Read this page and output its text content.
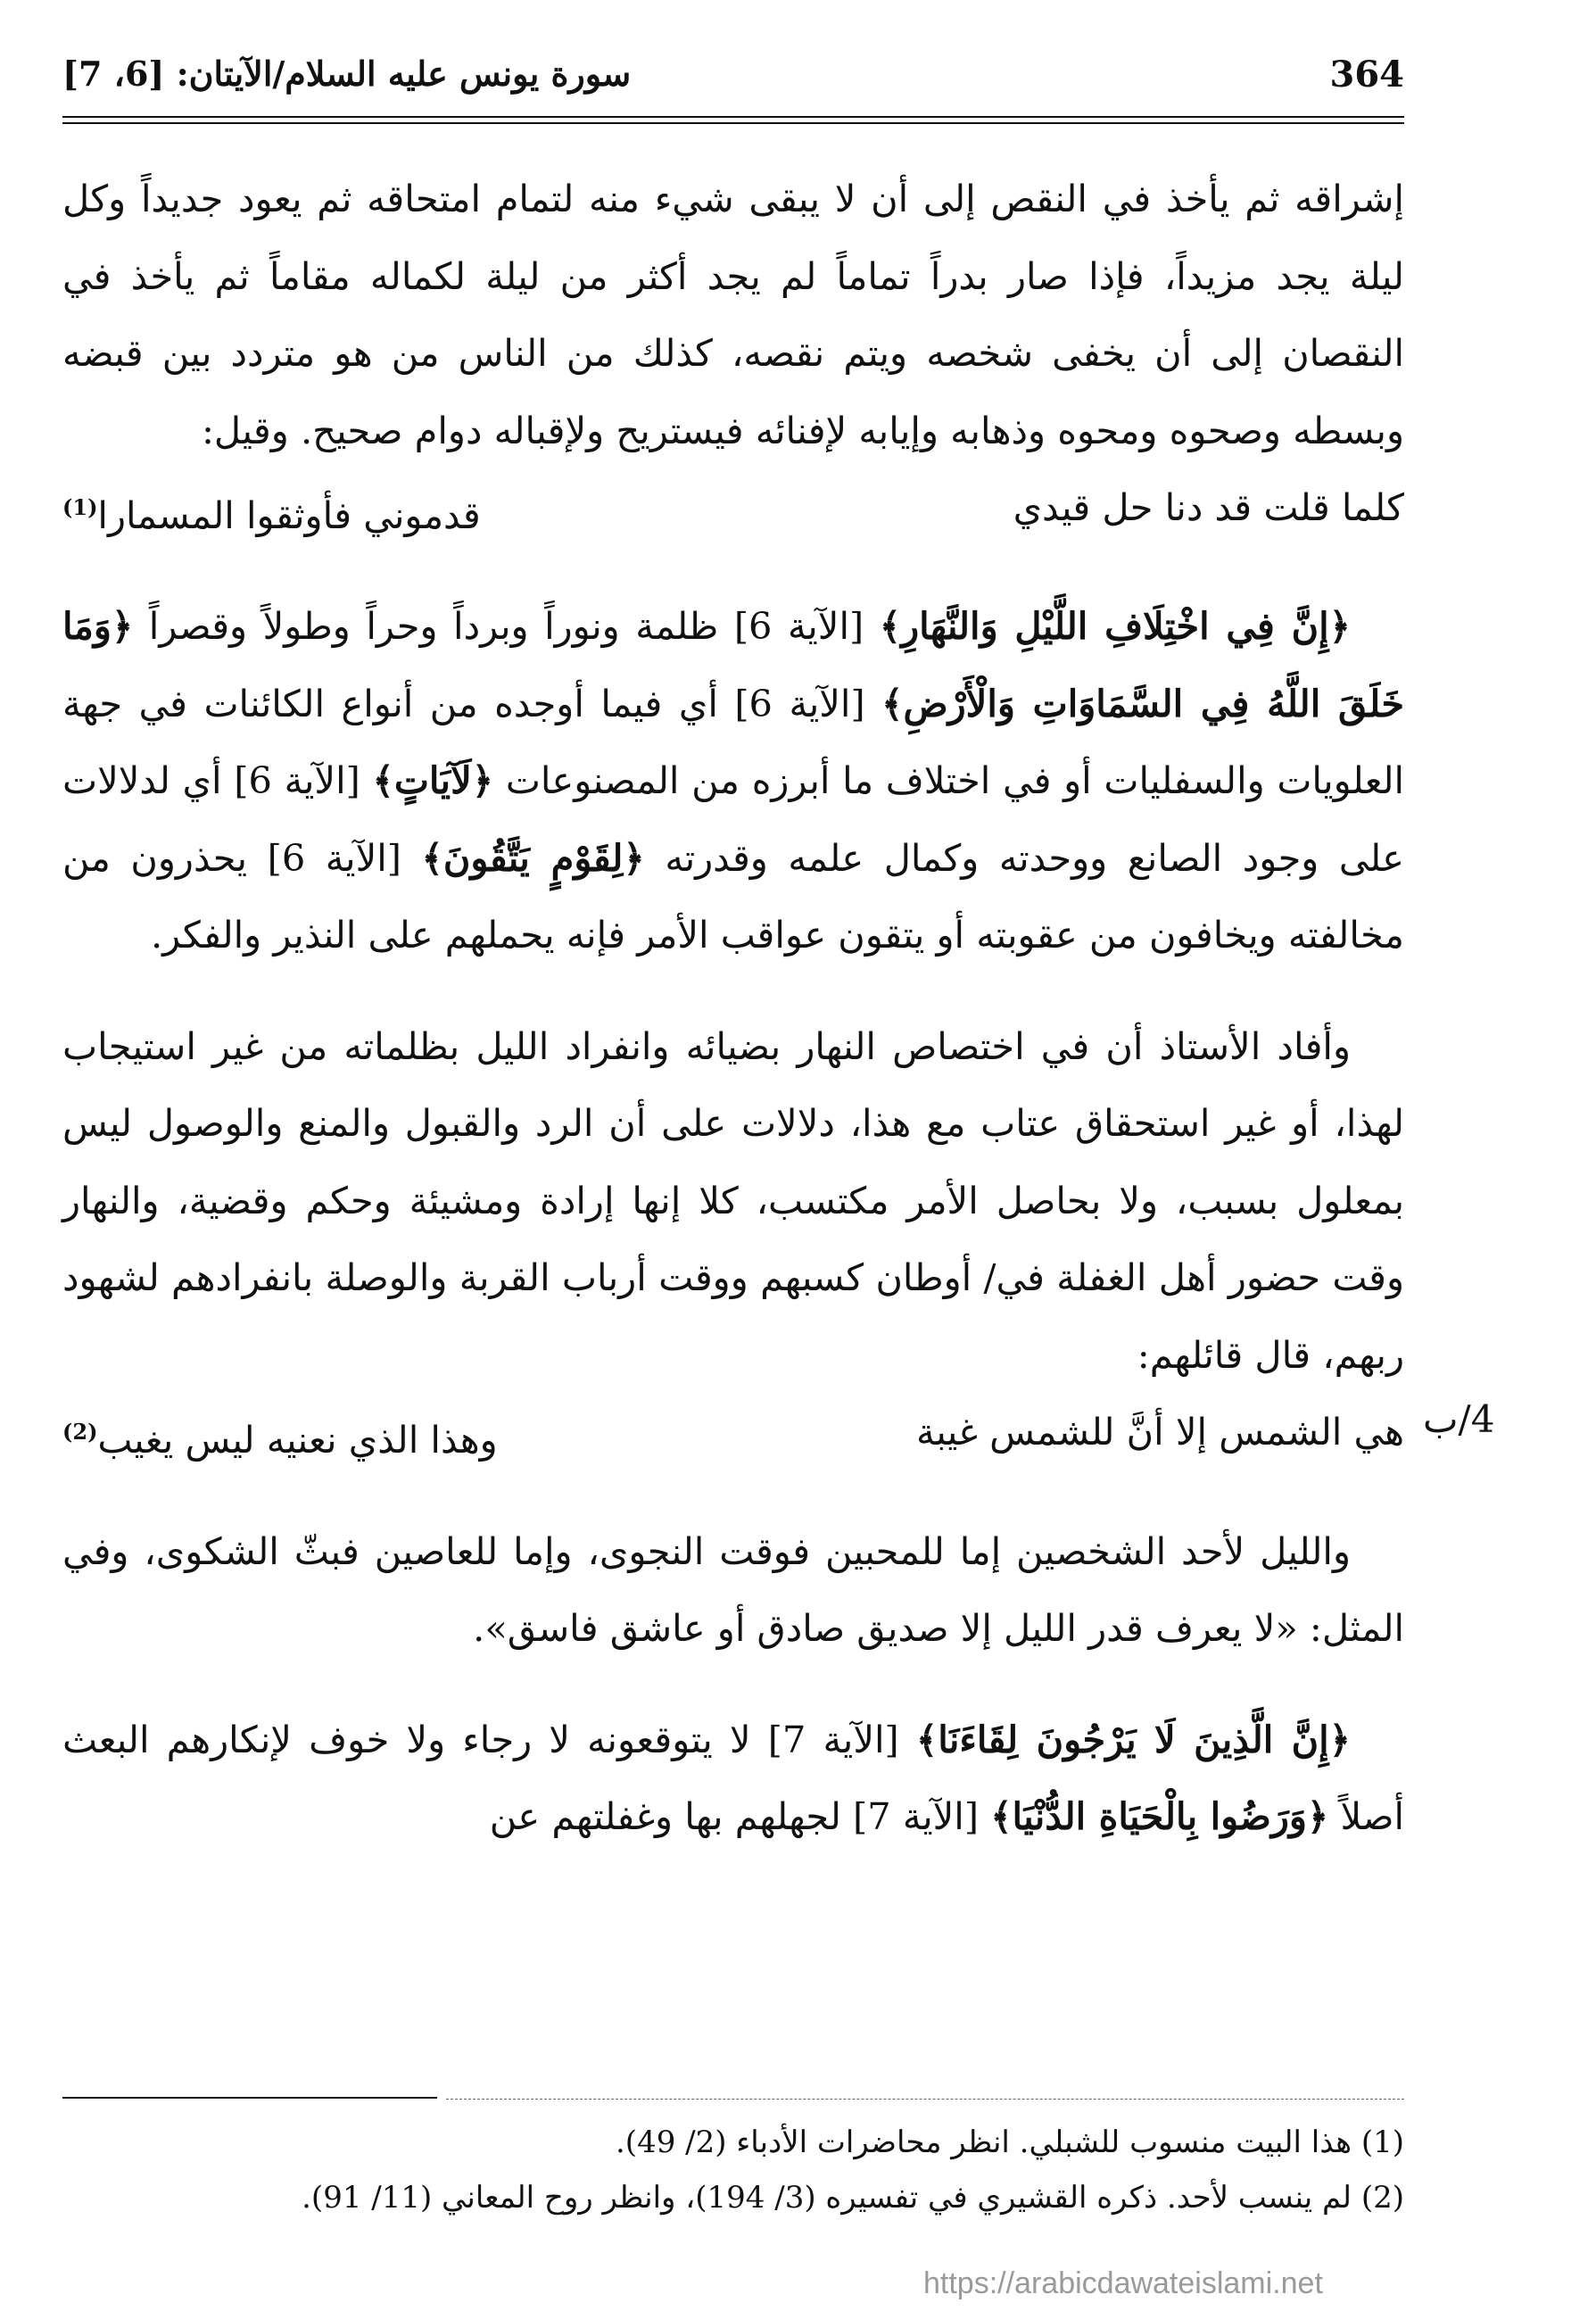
364
سورة يونس عليه السلام/الآيتان: [6، 7]

إشراقه ثم يأخذ في النقص إلى أن لا يبقى شيء منه لتمام امتحاقه ثم يعود جديداً وكل ليلة يجد مزيداً، فإذا صار بدراً تماماً لم يجد أكثر من ليلة لكماله مقاماً ثم يأخذ في النقصان إلى أن يخفى شخصه ويتم نقصه، كذلك من الناس من هو متردد بين قبضه وبسطه وصحوه ومحوه وذهابه وإيابه لإفنائه فيستريح ولإقباله دوام صحيح. وقيل:

كلما قلت قد دنا حل قيدي
قدموني فأوثقوا المسمارا$^{(1)}$

﴿إِنَّ فِي اخْتِلَافِ اللَّيْلِ وَالنَّهَارِ﴾ [الآية 6] ظلمة ونوراً وبرداً وحراً وطولاً وقصراً ﴿وَمَا خَلَقَ اللَّهُ فِي السَّمَاوَاتِ وَالْأَرْضِ﴾ [الآية 6] أي فيما أوجده من أنواع الكائنات في جهة العلويات والسفليات أو في اختلاف ما أبرزه من المصنوعات ﴿لَآيَاتٍ﴾ [الآية 6] أي لدلالات على وجود الصانع ووحدته وكمال علمه وقدرته ﴿لِقَوْمٍ يَتَّقُونَ﴾ [الآية 6] يحذرون من مخالفته ويخافون من عقوبته أو يتقون عواقب الأمر فإنه يحملهم على النذير والفكر.

وأفاد الأستاذ أن في اختصاص النهار بضيائه وانفراد الليل بظلماته من غير استيجاب لهذا، أو غير استحقاق عتاب مع هذا، دلالات على أن الرد والقبول والمنع والوصول ليس بمعلول بسبب، ولا بحاصل الأمر مكتسب، كلا إنها إرادة ومشيئة وحكم وقضية، والنهار وقت حضور أهل الغفلة في/ أوطان كسبهم ووقت أرباب القربة والوصلة بانفرادهم لشهود ربهم، قال قائلهم:

هي الشمس إلا أنَّ للشمس غيبة
وهذا الذي نعنيه ليس يغيب$^{(2)}$

والليل لأحد الشخصين إما للمحبين فوقت النجوى، وإما للعاصين فبثّ الشكوى، وفي المثل: «لا يعرف قدر الليل إلا صديق صادق أو عاشق فاسق».

﴿إِنَّ الَّذِينَ لَا يَرْجُونَ لِقَاءَنَا﴾ [الآية 7] لا يتوقعونه لا رجاء ولا خوف لإنكارهم البعث أصلاً ﴿وَرَضُوا بِالْحَيَاةِ الدُّنْيَا﴾ [الآية 7] لجهلهم بها وغفلتهم عن

4/ب

(1) هذا البيت منسوب للشبلي. انظر محاضرات الأدباء (2/ 49).

(2) لم ينسب لأحد. ذكره القشيري في تفسيره (3/ 194)، وانظر روح المعاني (11/ 91).

https://arabicdawateislami.net
